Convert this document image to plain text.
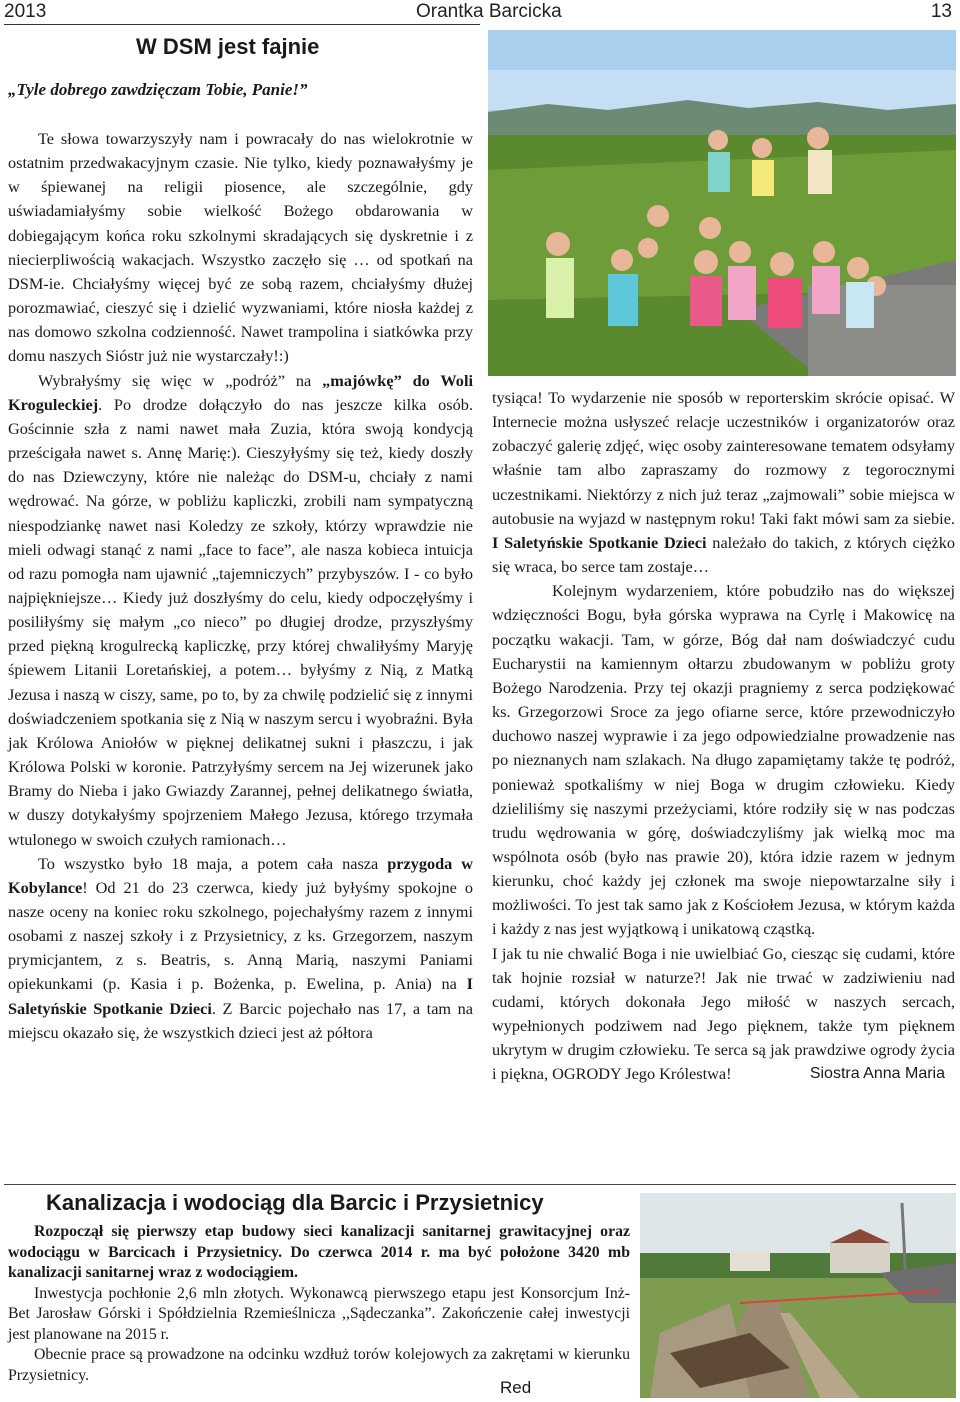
2013	Orantka Barcicka	13
W DSM jest fajnie
„Tyle dobrego zawdzięczam Tobie, Panie!”

Te słowa towarzyszyły nam i powracały do nas wielokrotnie w ostatnim przedwakacyjnym czasie. Nie tylko, kiedy poznawałyśmy je w śpiewanej na religii piosence, ale szczególnie, gdy uświadamiałyśmy sobie wielkość Bożego obdarowania w dobiegającym końca roku szkolnymi skradających się dyskretnie i z niecierpliwością wakacjach. Wszystko zaczęło się … od spotkań na DSM-ie. Chciałyśmy więcej być ze sobą razem, chciałyśmy dłużej porozmawiać, cieszyć się i dzielić wyzwaniami, które niosła każdej z nas domowo szkolna codzienność. Nawet trampolina i siatkówka przy domu naszych Sióstr już nie wystarczały!:)

Wybrałyśmy się więc w „podróż” na „majówkę” do Woli Kroguleckiej. Po drodze dołączyło do nas jeszcze kilka osób. Gościnnie szła z nami nawet mała Zuzia, która swoją kondycją prześcigała nawet s. Annę Marię:). Cieszyłyśmy się też, kiedy doszły do nas Dziewczyny, które nie należąc do DSM-u, chciały z nami wędrować. Na górze, w pobliżu kapliczki, zrobili nam sympatyczną niespodziankę nawet nasi Koledzy ze szkoły, którzy wprawdzie nie mieli odwagi stanąć z nami „face to face”, ale nasza kobieca intuicja od razu pomogła nam ujawnić „tajemniczych” przybyszów. I - co było najpiękniejsze… Kiedy już doszłyśmy do celu, kiedy odpoczęłyśmy i posiliłyśmy się małym „co nieco” po długiej drodze, przyszłyśmy przed piękną krogulrecką kapliczkę, przy której chwaliłyśmy Maryję śpiewem Litanii Loretańskiej, a potem… byłyśmy z Nią, z Matką Jezusa i naszą w ciszy, same, po to, by za chwilę podzielić się z innymi doświadczeniem spotkania się z Nią w naszym sercu i wyobraźni. Była jak Królowa Aniołów w pięknej delikatnej sukni i płaszczu, i jak Królowa Polski w koronie. Patrzyłyśmy sercem na Jej wizerunek jako Bramy do Nieba i jako Gwiazdy Zarannej, pełnej delikatnego światła, w duszy dotykałyśmy spojrzeniem Małego Jezusa, którego trzymała wtulonego w swoich czułych ramionach…

To wszystko było 18 maja, a potem cała nasza przygoda w Kobylance! Od 21 do 23 czerwca, kiedy już byłyśmy spokojne o nasze oceny na koniec roku szkolnego, pojechałyśmy razem z innymi osobami z naszej szkoły i z Przysietnicy, z ks. Grzegorzem, naszym prymicjantem, z s. Beatris, s. Anną Marią, naszymi Paniami opiekunkami (p. Kasia i p. Bożenka, p. Ewelina, p. Ania) na I Saletyńskie Spotkanie Dzieci. Z Barcic pojechało nas 17, a tam na miejscu okazało się, że wszystkich dzieci jest aż półtora

tysiąca! To wydarzenie nie sposób w reporterskim skrócie opisać. W Internecie można usłyszeć relacje uczestników i organizatorów oraz zobaczyć galerię zdjęć, więc osoby zainteresowane tematem odsyłamy właśnie tam albo zapraszamy do rozmowy z tegorocznymi uczestnikami. Niektórzy z nich już teraz „zajmowali” sobie miejsca w autobusie na wyjazd w następnym roku! Taki fakt mówi sam za siebie. I Saletyńskie Spotkanie Dzieci należało do takich, z których ciężko się wraca, bo serce tam zostaje…

Kolejnym wydarzeniem, które pobudziło nas do większej wdzięczności Bogu, była górska wyprawa na Cyrlę i Makowicę na początku wakacji. Tam, w górze, Bóg dał nam doświadczyć cudu Eucharystii na kamiennym ołtarzu zbudowanym w pobliżu groty Bożego Narodzenia. Przy tej okazji pragniemy z serca podziękować ks. Grzegorzowi Sroce za jego ofiarne serce, które przewodniczyło duchowo naszej wyprawie i za jego odpowiedzialne prowadzenie nas po nieznanych nam szlakach. Na długo zapamiętamy także tę podróż, ponieważ spotkaliśmy w niej Boga w drugim człowieku. Kiedy dzieliliśmy się naszymi przeżyciami, które rodziły się w nas podczas trudu wędrowania w górę, doświadczyliśmy jak wielką moc ma wspólnota osób (było nas prawie 20), która idzie razem w jednym kierunku, choć każdy jej członek ma swoje niepowtarzalne siły i możliwości. To jest tak samo jak z Kościołem Jezusa, w którym każda i każdy z nas jest wyjątkową i unikatową cząstką.

I jak tu nie chwalić Boga i nie uwielbiać Go, ciesząc się cudami, które tak hojnie rozsiał w naturze?! Jak nie trwać w zadziwieniu nad cudami, których dokonała Jego miłość w naszych sercach, wypełnionych podziwem nad Jego pięknem, także tym pięknem ukrytym w drugim człowieku. Te serca są jak prawdziwe ogrody życia i piękna, OGRODY Jego Królestwa!	Siostra Anna Maria

Kanalizacja i wodociąg dla Barcic i Przysietnicy

Rozpoczął się pierwszy etap budowy sieci kanalizacji sanitarnej grawitacyjnej oraz wodociągu w Barcicach i Przysietnicy. Do czerwca 2014 r. ma być położone 3420 mb kanalizacji sanitarnej wraz z wodociągiem.

Inwestycja pochłonie 2,6 mln złotych. Wykonawcą pierwszego etapu jest Konsorcjum Inż-Bet Jarosław Górski i Spółdzielnia Rzemieślnicza ,,Sądeczanka”. Zakończenie całej inwestycji jest planowane na 2015 r.

Obecnie prace są prowadzone na odcinku wzdłuż torów kolejowych za zakrętami w kierunku Przysietnicy.

Red
